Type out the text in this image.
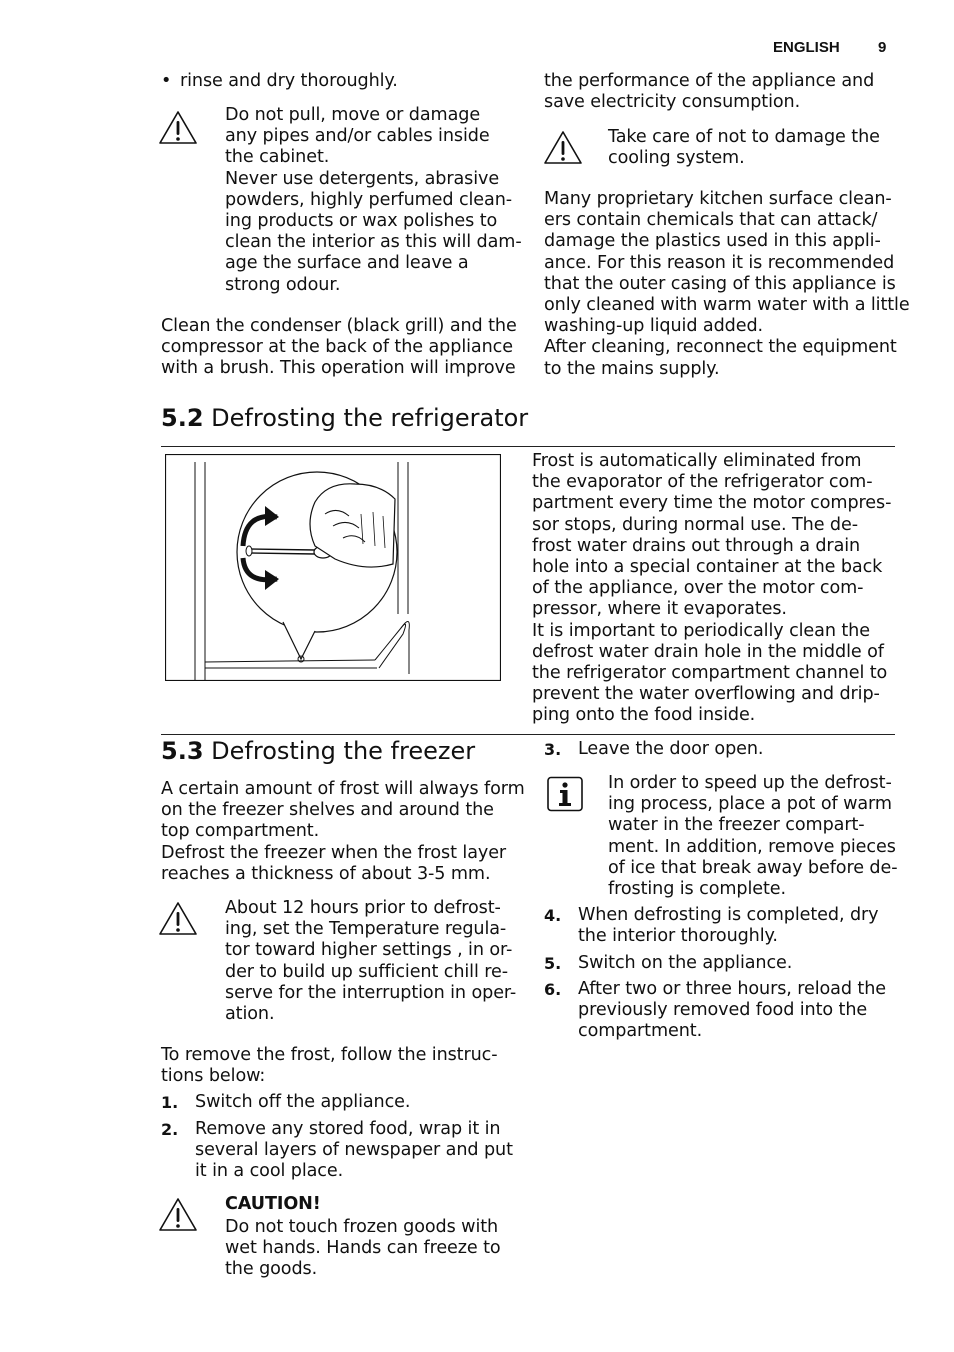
ENGLISH	9
• rinse and dry thoroughly.
Do not pull, move or damage
any pipes and/or cables inside
the cabinet.
Never use detergents, abrasive
powders, highly perfumed clean-
ing products or wax polishes to
clean the interior as this will dam-
age the surface and leave a
strong odour.
Clean the condenser (black grill) and the
compressor at the back of the appliance
with a brush. This operation will improve
the performance of the appliance and
save electricity consumption.
Take care of not to damage the
cooling system.
Many proprietary kitchen surface clean-
ers contain chemicals that can attack/
damage the plastics used in this appli-
ance. For this reason it is recommended
that the outer casing of this appliance is
only cleaned with warm water with a little
washing-up liquid added.
After cleaning, reconnect the equipment
to the mains supply.
5.2 Defrosting the refrigerator
Frost is automatically eliminated from
the evaporator of the refrigerator com-
partment every time the motor compres-
sor stops, during normal use. The de-
frost water drains out through a drain
hole into a special container at the back
of the appliance, over the motor com-
pressor, where it evaporates.
It is important to periodically clean the
defrost water drain hole in the middle of
the refrigerator compartment channel to
prevent the water overflowing and drip-
ping onto the food inside.
5.3 Defrosting the freezer
A certain amount of frost will always form
on the freezer shelves and around the
top compartment.
Defrost the freezer when the frost layer
reaches a thickness of about 3-5 mm.
About 12 hours prior to defrost-
ing, set the Temperature regula-
tor toward higher settings , in or-
der to build up sufficient chill re-
serve for the interruption in oper-
ation.
To remove the frost, follow the instruc-
tions below:
1. Switch off the appliance.
2. Remove any stored food, wrap it in
several layers of newspaper and put
it in a cool place.
CAUTION!
Do not touch frozen goods with
wet hands. Hands can freeze to
the goods.
3. Leave the door open.
In order to speed up the defrost-
ing process, place a pot of warm
water in the freezer compart-
ment. In addition, remove pieces
of ice that break away before de-
frosting is complete.
4. When defrosting is completed, dry
the interior thoroughly.
5. Switch on the appliance.
6. After two or three hours, reload the
previously removed food into the
compartment.
